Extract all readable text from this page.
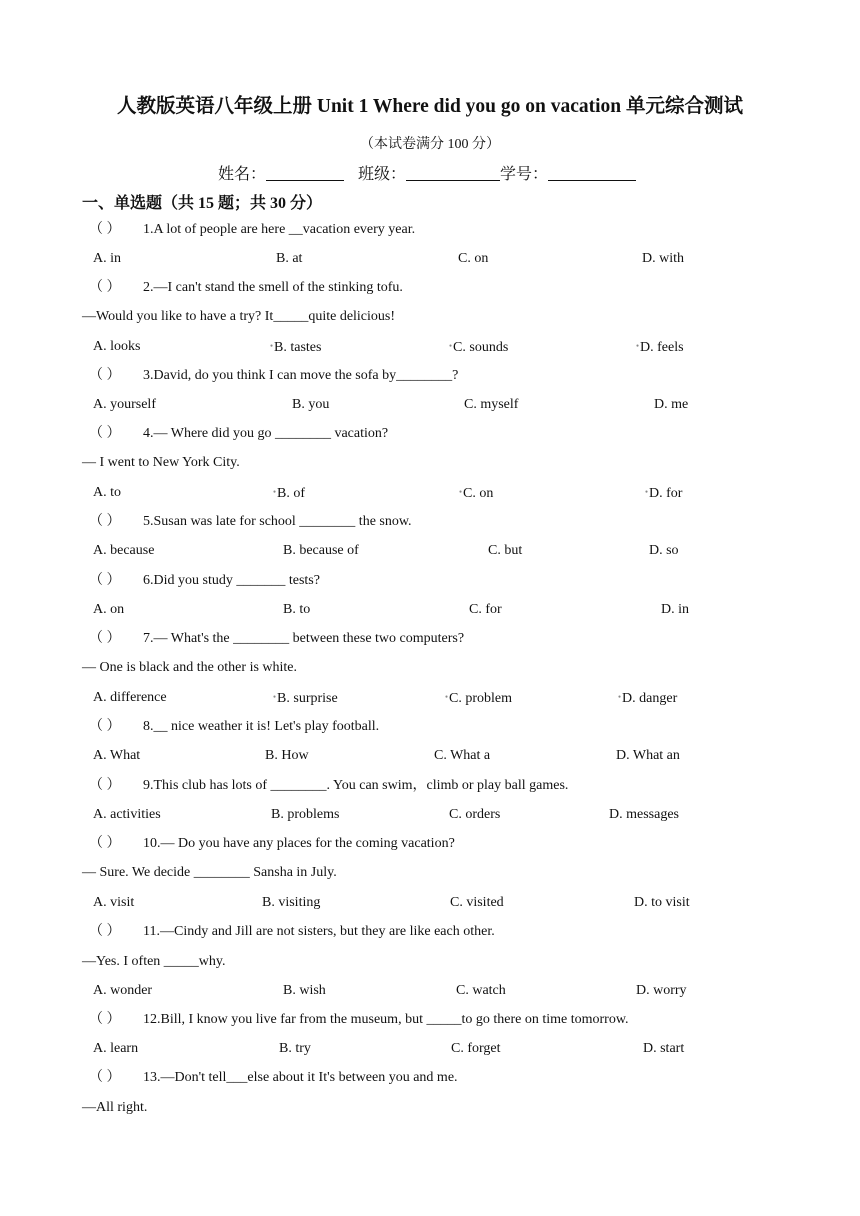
人教版英语八年级上册 Unit 1 Where did you go on vacation 单元综合测试
（本试卷满分 100 分）
姓名：	班级：	学号：
一、单选题（共 15 题；共 30 分）
（ ） 1.A lot of people are here __vacation every year.
A. in	B. at	C. on	D. with
（ ） 2.—I can't stand the smell of the stinking tofu.
—Would you like to have a try? It_____quite delicious!
A. looks	●B. tastes	●C. sounds	●D. feels
（ ） 3.David, do you think I can move the sofa by________?
A. yourself	B. you	C. myself	D. me
（ ） 4.— Where did you go ________ vacation?
— I went to New York City.
A. to	●B. of	●C. on	●D. for
（ ） 5.Susan was late for school ________ the snow.
A. because	B. because of	C. but	D. so
（ ） 6.Did you study _______ tests?
A. on	B. to	C. for	D. in
（ ） 7.— What's the ________ between these two computers?
— One is black and the other is white.
A. difference	●B. surprise	●C. problem	●D. danger
（ ） 8.__ nice weather it is! Let's play football.
A. What	B. How	C. What a	D. What an
（ ） 9.This club has lots of ________. You can swim，climb or play ball games.
A. activities	B. problems	C. orders	D. messages
（ ） 10.— Do you have any places for the coming vacation?
— Sure. We decide ________ Sansha in July.
A. visit	B. visiting	C. visited	D. to visit
（ ） 11.—Cindy and Jill are not sisters, but they are like each other.
—Yes. I often _____why.
A. wonder	B. wish	C. watch	D. worry
（ ） 12.Bill, I know you live far from the museum, but _____to go there on time tomorrow.
A. learn	B. try	C. forget	D. start
（ ） 13.—Don't tell___else about it It's between you and me.
—All right.
